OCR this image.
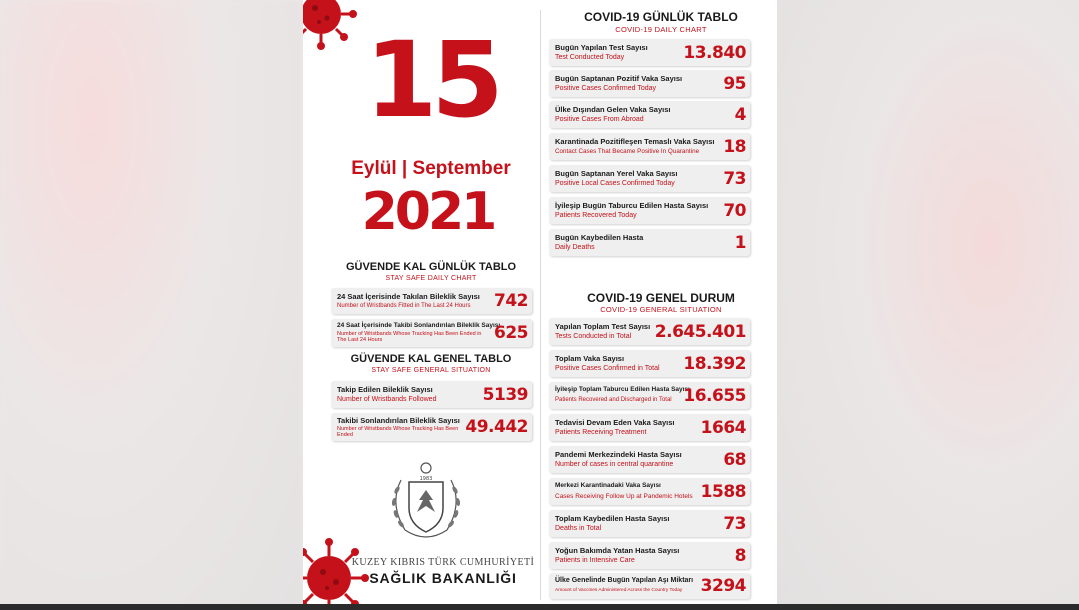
15
Eylül | September
2021
GÜVENDE KAL GÜNLÜK TABLO
STAY SAFE DAILY CHART
24 Saat İçerisinde Takılan Bileklik Sayısı
Number of Wristbands Fitted in The Last 24 Hours 742
24 Saat İçerisinde Takibi Sonlandırılan Bileklik Sayısı
Number of Wristbands Whose Tracking Has Been Ended in The Last 24 Hours	625
GÜVENDE KAL GENEL TABLO
STAY SAFE GENERAL SITUATION
Takip Edilen Bileklik Sayısı
Number of Wristbands Followed	5139
Takibi Sonlandırılan Bileklik Sayısı
Number of Wristbands Whose Tracking Has Been Ended	49.442
1983
KUZEY KIBRIS TÜRK CUMHURİYETİ
SAĞLIK BAKANLIĞI
COVID-19 GÜNLÜK TABLO
COVID-19 DAILY CHART
Bugün Yapılan Test Sayısı
Test Conducted Today	13.840
Bugün Saptanan Pozitif Vaka Sayısı
Positive Cases Confirmed Today	95
Ülke Dışından Gelen Vaka Sayısı
Positive Cases From Abroad	4
Karantinada Pozitifleşen Temaslı Vaka Sayısı
Contact Cases That Became Positive In Quarantine 18
Bugün Saptanan Yerel Vaka Sayısı
Positive Local Cases Confirmed Today	73
İyileşip Bugün Taburcu Edilen Hasta Sayısı
Patients Recovered Today	70
Bugün Kaybedilen Hasta
Daily Deaths	1
COVID-19 GENEL DURUM
COVID-19 GENERAL SITUATION
Yapılan Toplam Test Sayısı
Tests Conducted in Total 2.645.401
Toplam Vaka Sayısı
Positive Cases Confirmed in Total 18.392
İyileşip Toplam Taburcu Edilen Hasta Sayısı
Patients Recovered and Discharged in Total 16.655
Tedavisi Devam Eden Vaka Sayısı
Patients Receiving Treatment	1664
Pandemi Merkezindeki Hasta Sayısı
Number of cases in central quarantine	68
Merkezi Karantinadaki Vaka Sayısı
Cases Receiving Follow Up at Pandemic Hotels 1588
Toplam Kaybedilen Hasta Sayısı
Deaths in Total	73
Yoğun Bakımda Yatan Hasta Sayısı
Patients in Intensive Care	8
Ülke Genelinde Bugün Yapılan Aşı Miktarı
Amount of Vaccines Administered Across the Country Today 3294
